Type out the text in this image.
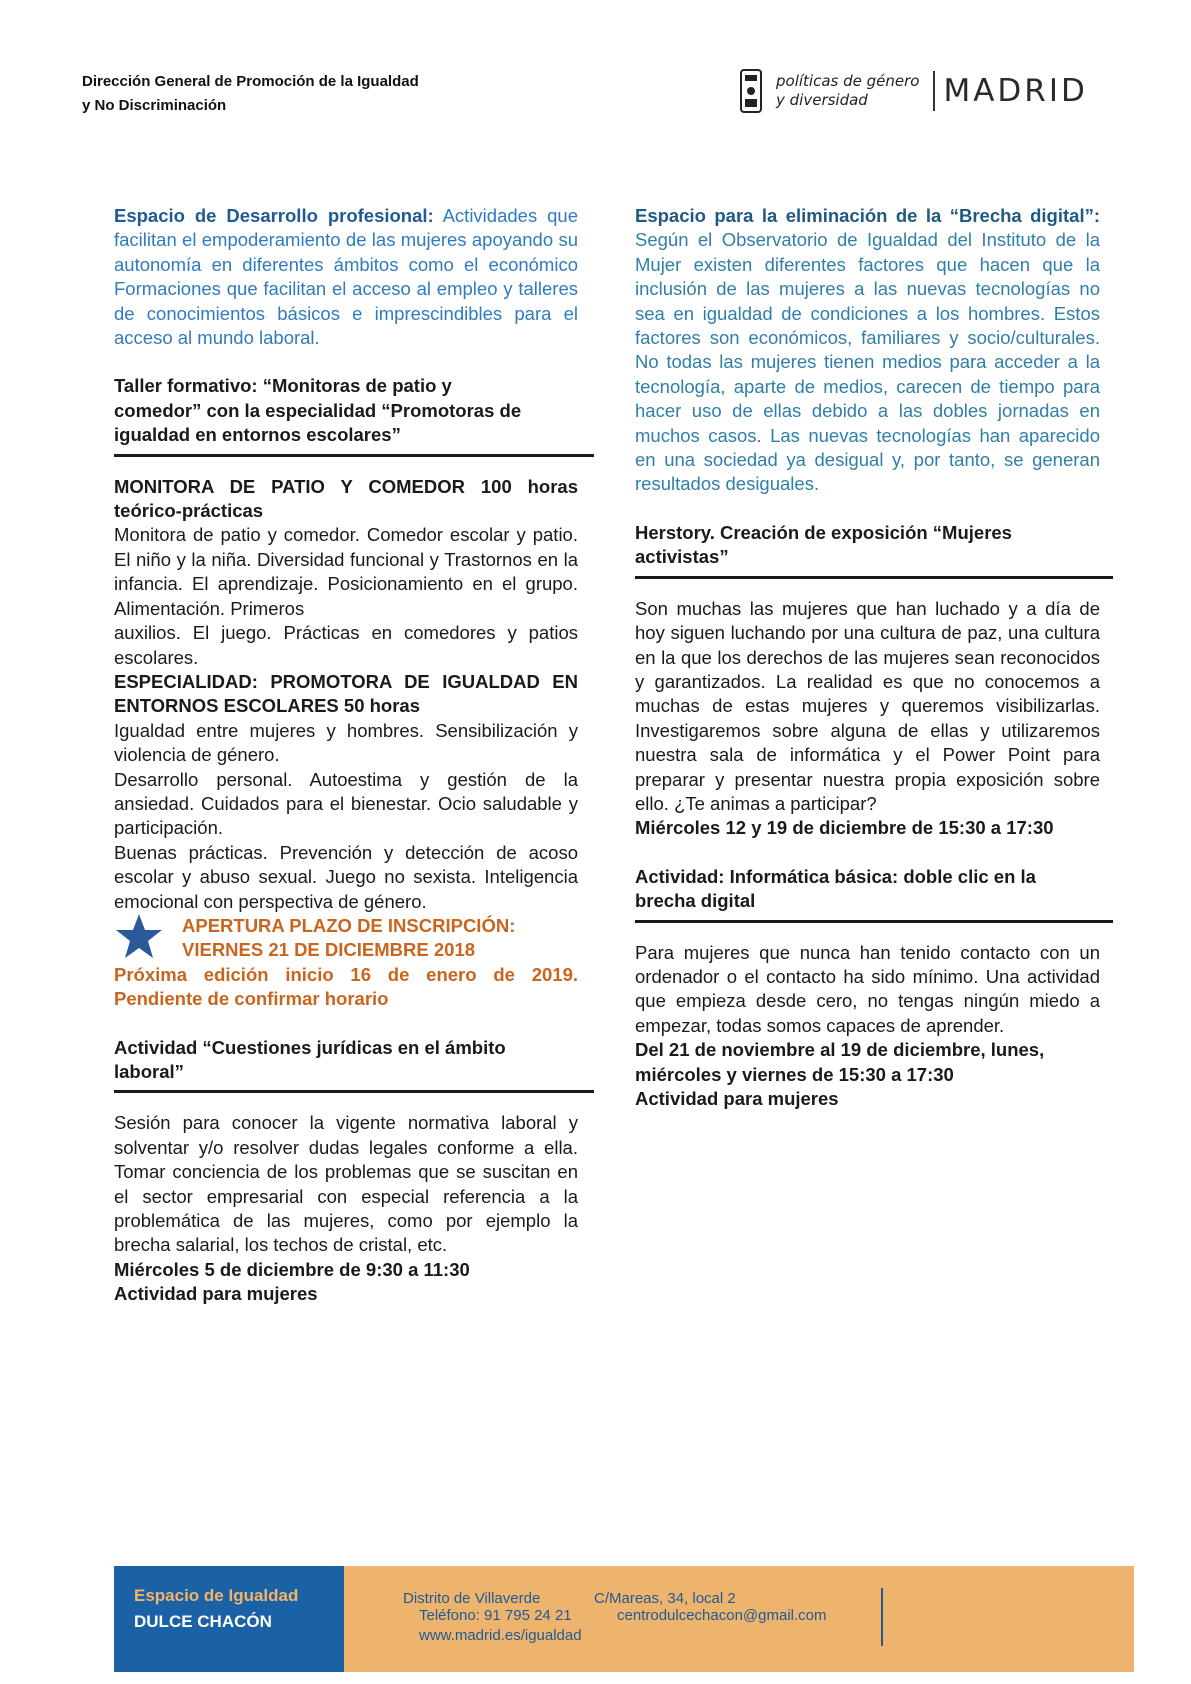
Dirección General de Promoción de la Igualdad
y No Discriminación
políticas de género
y diversidad	MADRID

Espacio de Desarrollo profesional: Actividades que facilitan el empoderamiento de las mujeres apoyando su autonomía en diferentes ámbitos como el económico Formaciones que facilitan el acceso al empleo y talleres de conocimientos básicos e imprescindibles para el acceso al mundo laboral.

Taller formativo: “Monitoras de patio y
comedor” con la especialidad “Promotoras de
igualdad en entornos escolares”

MONITORA DE PATIO Y COMEDOR 100 horas teórico-prácticas

Monitora de patio y comedor. Comedor escolar y patio. El niño y la niña. Diversidad funcional y Trastornos en la infancia. El aprendizaje. Posicionamiento en el grupo. Alimentación. Primeros

auxilios. El juego. Prácticas en comedores y patios escolares.

ESPECIALIDAD: PROMOTORA DE IGUALDAD EN ENTORNOS ESCOLARES 50 horas

Igualdad entre mujeres y hombres. Sensibilización y violencia de género.

Desarrollo personal. Autoestima y gestión de la ansiedad. Cuidados para el bienestar. Ocio saludable y participación.

Buenas prácticas. Prevención y detección de acoso escolar y abuso sexual. Juego no sexista. Inteligencia emocional con perspectiva de género.

APERTURA PLAZO DE INSCRIPCIÓN:
VIERNES 21 DE DICIEMBRE 2018

Próxima edición inicio 16 de enero de 2019. Pendiente de confirmar horario

Actividad “Cuestiones jurídicas en el ámbito
laboral”

Sesión para conocer la vigente normativa laboral y solventar y/o resolver dudas legales conforme a ella. Tomar conciencia de los problemas que se suscitan en el sector empresarial con especial referencia a la problemática de las mujeres, como por ejemplo la brecha salarial, los techos de cristal, etc.

Miércoles 5 de diciembre de 9:30 a 11:30

Actividad para mujeres

Espacio para la eliminación de la “Brecha digital”: Según el Observatorio de Igualdad del Instituto de la Mujer existen diferentes factores que hacen que la inclusión de las mujeres a las nuevas tecnologías no sea en igualdad de condiciones a los hombres. Estos factores son económicos, familiares y socio/culturales. No todas las mujeres tienen medios para acceder a la tecnología, aparte de medios, carecen de tiempo para hacer uso de ellas debido a las dobles jornadas en muchos casos. Las nuevas tecnologías han aparecido en una sociedad ya desigual y, por tanto, se generan resultados desiguales.

Herstory. Creación de exposición “Mujeres
activistas”

Son muchas las mujeres que han luchado y a día de hoy siguen luchando por una cultura de paz, una cultura en la que los derechos de las mujeres sean reconocidos y garantizados. La realidad es que no conocemos a muchas de estas mujeres y queremos visibilizarlas. Investigaremos sobre alguna de ellas y utilizaremos nuestra sala de informática y el Power Point para preparar y presentar nuestra propia exposición sobre ello. ¿Te animas a participar?

Miércoles 12 y 19 de diciembre de 15:30 a 17:30

Actividad: Informática básica: doble clic en la
brecha digital

Para mujeres que nunca han tenido contacto con un ordenador o el contacto ha sido mínimo. Una actividad que empieza desde cero, no tengas ningún miedo a empezar, todas somos capaces de aprender.

Del 21 de noviembre al 19 de diciembre, lunes, miércoles y viernes de 15:30 a 17:30

Actividad para mujeres

Espacio de Igualdad
DULCE CHACÓN
Distrito de Villaverde	C/Mareas, 34, local 2
Teléfono: 91 795 24 21	centrodulcechacon@gmail.com
www.madrid.es/igualdad
